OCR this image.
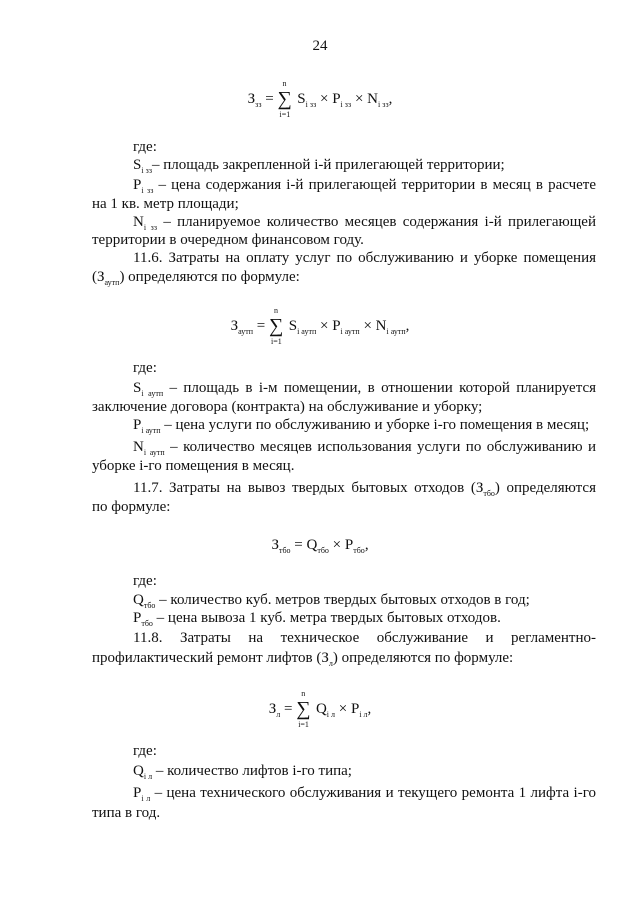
24
$З_{зз}$ =
n
∑
i=1
$S_{i зз} \times P_{i зз} \times N_{i зз}$,
где:
$S_{i зз}-$ площадь закрепленной i-й прилегающей территории;
$P_{i зз}$ – цена содержания i-й прилегающей территории в месяц в расчете
на 1 кв. метр площади;
$N_{i зз}$ – планируемое количество месяцев содержания i-й прилегающей
территории в очередном финансовом году.
11.6. Затраты на оплату услуг по обслуживанию и уборке помещения
$(З_{аутп})$ определяются по формуле:
$З_{аутп}$ =
n
∑
i=1
$S_{i аутп} \times P_{i аутп} \times N_{i аутп}$,
где:
$S_{i аутп}$ – площадь в i-м помещении, в отношении которой планируется
заключение договора (контракта) на обслуживание и уборку;
$P_{i аутп}$ – цена услуги по обслуживанию и уборке i-го помещения в месяц;
$N_{i аутп}$ – количество месяцев использования услуги по обслуживанию и
уборке i-го помещения в месяц.
11.7. Затраты на вывоз твердых бытовых отходов $(З_{тбо})$ определяются
по формуле:
$З_{тбо} = Q_{тбо} \times P_{тбо}$,
где:
$Q_{тбо}$ – количество куб. метров твердых бытовых отходов в год;
$P_{тбо}$ – цена вывоза 1 куб. метра твердых бытовых отходов.
11.8. Затраты на техническое обслуживание и регламентно-
профилактический ремонт лифтов $(З_л)$ определяются по формуле:
$З_л$ =
n
∑
i=1
$Q_{i л} \times P_{i л}$,
где:
$Q_{i л}$ – количество лифтов i-го типа;
$P_{i л}$ – цена технического обслуживания и текущего ремонта 1 лифта i-го
типа в год.
